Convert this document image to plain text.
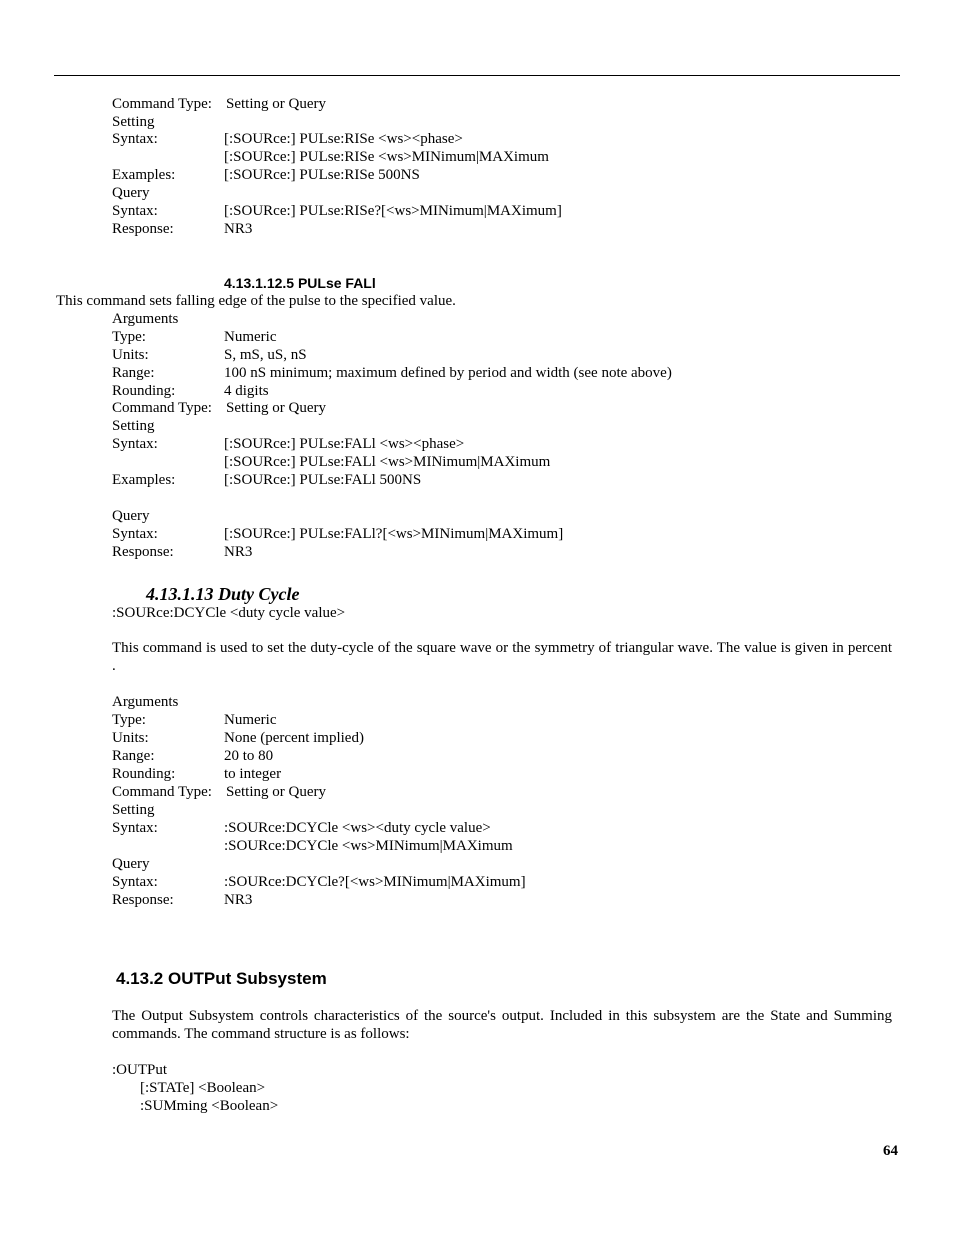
Command Type: Setting or Query
Setting
Syntax:	[:SOURce:] PULse:RISe <ws><phase>
[:SOURce:] PULse:RISe <ws>MINimum|MAXimum
Examples:	[:SOURce:] PULse:RISe 500NS
Query
Syntax:	[:SOURce:] PULse:RISe?[<ws>MINimum|MAXimum]
Response:	NR3
4.13.1.12.5 PULse FALl
This command sets falling edge of the pulse to the specified value.
Arguments
Type:	Numeric
Units:	S, mS, uS, nS
Range:	100 nS minimum; maximum defined by period and width (see note above)
Rounding:	4 digits
Command Type: Setting or Query
Setting
Syntax:	[:SOURce:] PULse:FALl <ws><phase>
[:SOURce:] PULse:FALl <ws>MINimum|MAXimum
Examples:	[:SOURce:] PULse:FALl 500NS
Query
Syntax:	[:SOURce:] PULse:FALl?[<ws>MINimum|MAXimum]
Response:	NR3
4.13.1.13 Duty Cycle
:SOURce:DCYCle <duty cycle value>
This command is used to set the duty-cycle of the square wave or the symmetry of triangular wave. The value is given in percent .
Arguments
Type:	Numeric
Units:	None (percent implied)
Range:	20 to 80
Rounding:	to integer
Command Type: Setting or Query
Setting
Syntax:	:SOURce:DCYCle <ws><duty cycle value>
:SOURce:DCYCle <ws>MINimum|MAXimum
Query
Syntax:	:SOURce:DCYCle?[<ws>MINimum|MAXimum]
Response:	NR3
4.13.2 OUTPut Subsystem
The Output Subsystem controls characteristics of the source's output. Included in this subsystem are the State and Summing commands. The command structure is as follows:
:OUTPut
[:STATe] <Boolean>
:SUMming <Boolean>
64
